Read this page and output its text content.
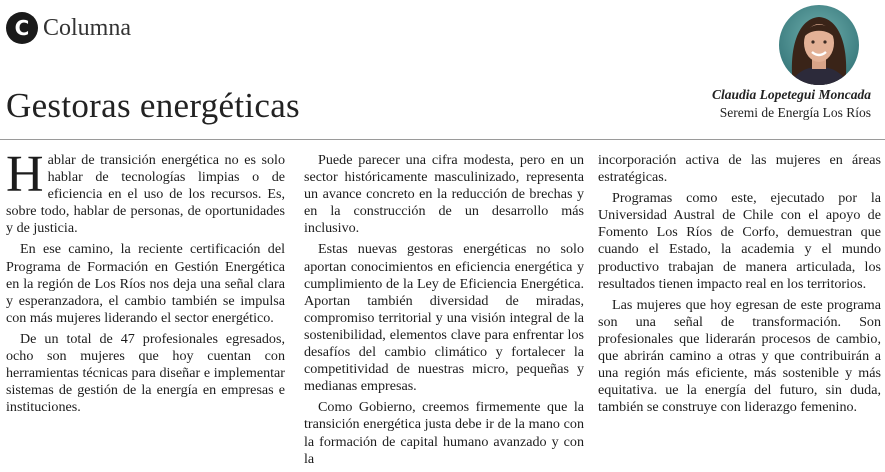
C Columna
Gestoras energéticas	Claudia Lopetegui Moncada

Seremi de Energía Los Ríos

Hablar de transición energética no es solo hablar de tecnologías limpias o de eficiencia en el uso de los recursos. Es, sobre todo, hablar de personas, de oportunidades y de justicia.

En ese camino, la reciente certificación del Programa de Formación en Gestión Energética en la región de Los Ríos nos deja una señal clara y esperanzadora, el cambio también se impulsa con más mujeres liderando el sector energético.

De un total de 47 profesionales egresados, ocho son mujeres que hoy cuentan con herramientas técnicas para diseñar e implementar sistemas de gestión de la energía en empresas e instituciones.

Puede parecer una cifra modesta, pero en un sector históricamente masculinizado, representa un avance concreto en la reducción de brechas y en la construcción de un desarrollo más inclusivo.

Estas nuevas gestoras energéticas no solo aportan conocimientos en eficiencia energética y cumplimiento de la Ley de Eficiencia Energética. Aportan también diversidad de miradas, compromiso territorial y una visión integral de la sostenibilidad, elementos clave para enfrentar los desafíos del cambio climático y fortalecer la competitividad de nuestras micro, pequeñas y medianas empresas.

Como Gobierno, creemos firmemente que la transición energética justa debe ir de la mano con la formación de capital humano avanzado y con la

incorporación activa de las mujeres en áreas estratégicas.

Programas como este, ejecutado por la Universidad Austral de Chile con el apoyo de Fomento Los Ríos de Corfo, demuestran que cuando el Estado, la academia y el mundo productivo trabajan de manera articulada, los resultados tienen impacto real en los territorios.

Las mujeres que hoy egresan de este programa son una señal de transformación. Son profesionales que liderarán procesos de cambio, que abrirán camino a otras y que contribuirán a una región más eficiente, más sostenible y más equitativa. ue la energía del futuro, sin duda, también se construye con liderazgo femenino.
